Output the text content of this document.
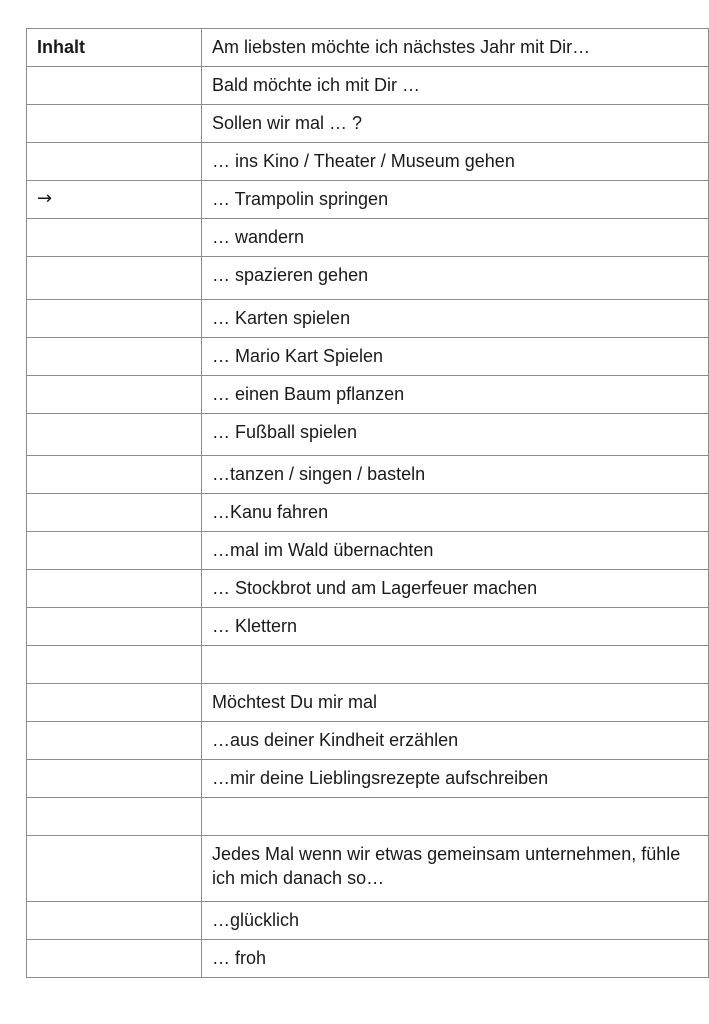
Inhalt	Am liebsten möchte ich nächstes Jahr mit Dir…
	Bald möchte ich mit Dir …
	Sollen wir mal … ?
	… ins Kino / Theater / Museum gehen
→	… Trampolin springen
	… wandern
	… spazieren gehen
	… Karten spielen
	… Mario Kart Spielen
	… einen Baum pflanzen
	… Fußball spielen
	…tanzen / singen / basteln
	…Kanu fahren
	…mal im Wald übernachten
	… Stockbrot und am Lagerfeuer machen
	… Klettern

	Möchtest Du mir mal
	…aus deiner Kindheit erzählen
	…mir deine Lieblingsrezepte aufschreiben

	Jedes Mal wenn wir etwas gemeinsam unternehmen, fühle ich mich danach so…
	…glücklich
	… froh
